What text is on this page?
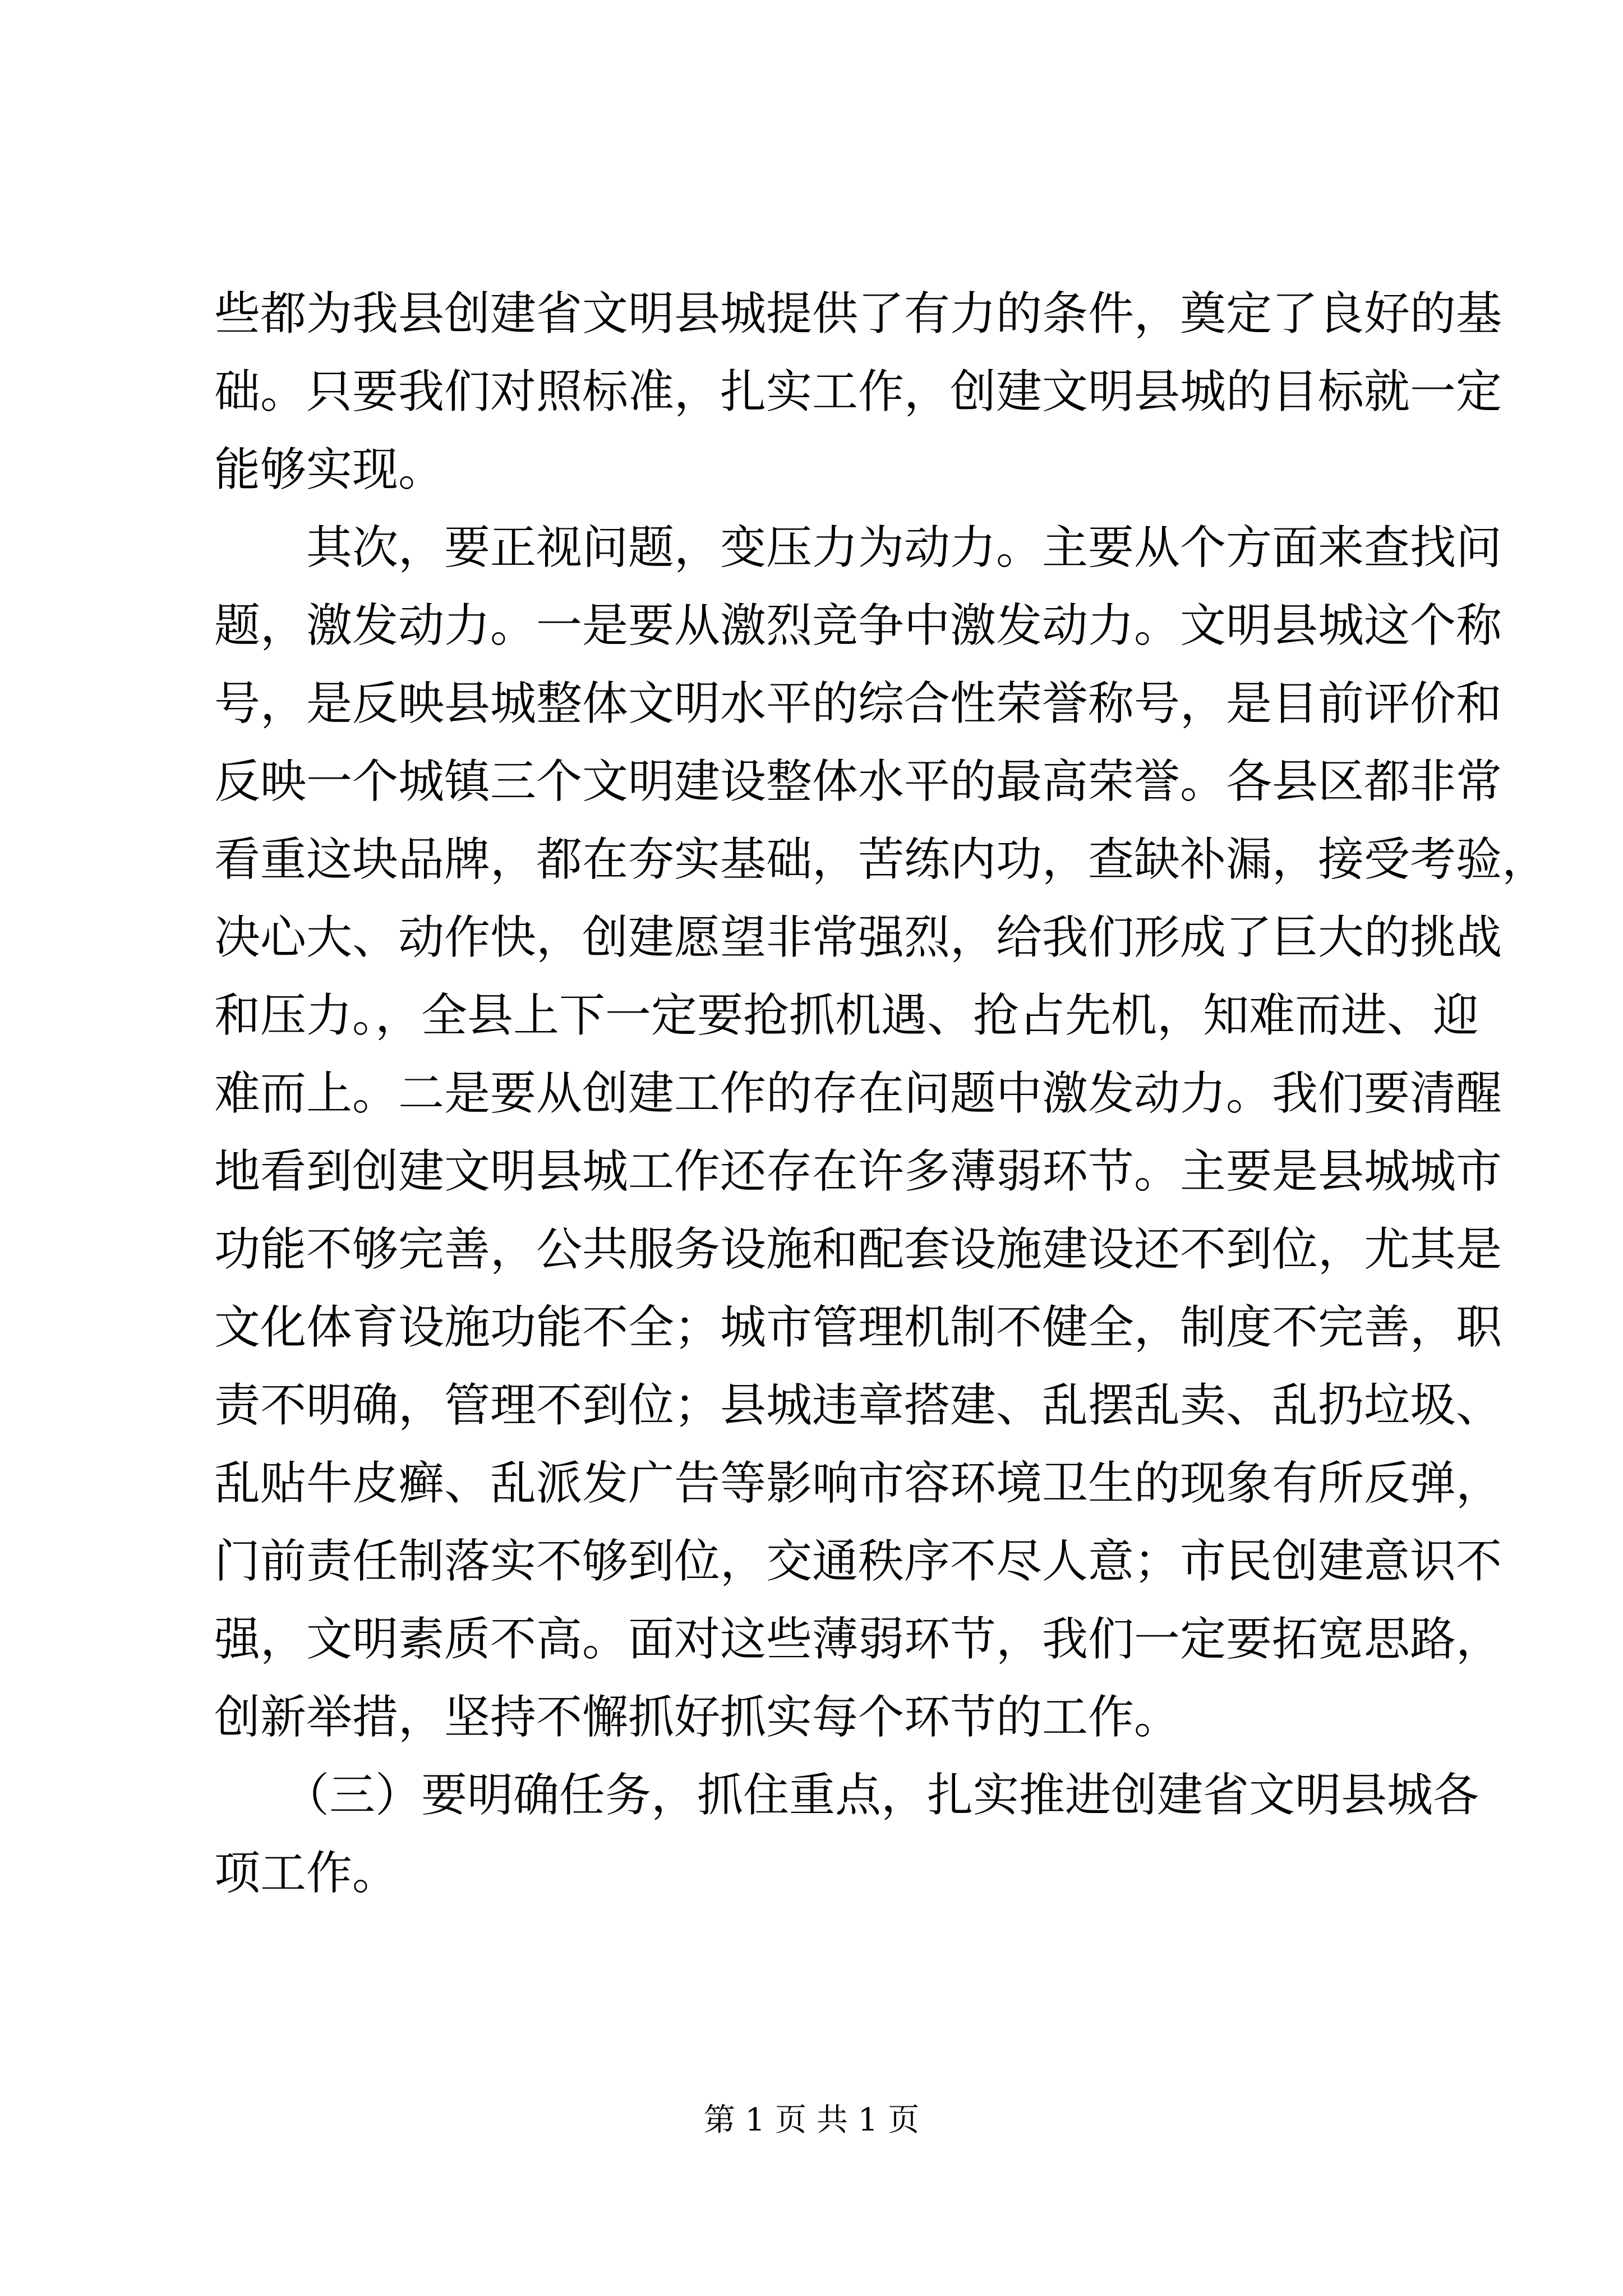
些都为我县创建省文明县城提供了有力的条件，奠定了良好的基
础。只要我们对照标准，扎实工作，创建文明县城的目标就一定
能够实现。
　　其次，要正视问题，变压力为动力。主要从个方面来查找问
题，激发动力。一是要从激烈竞争中激发动力。文明县城这个称
号，是反映县城整体文明水平的综合性荣誉称号，是目前评价和
反映一个城镇三个文明建设整体水平的最高荣誉。各县区都非常
看重这块品牌，都在夯实基础，苦练内功，查缺补漏，接受考验，
决心大、动作快，创建愿望非常强烈，给我们形成了巨大的挑战
和压力。，全县上下一定要抢抓机遇、抢占先机，知难而进、迎
难而上。二是要从创建工作的存在问题中激发动力。我们要清醒
地看到创建文明县城工作还存在许多薄弱环节。主要是县城城市
功能不够完善，公共服务设施和配套设施建设还不到位，尤其是
文化体育设施功能不全；城市管理机制不健全，制度不完善，职
责不明确，管理不到位；县城违章搭建、乱摆乱卖、乱扔垃圾、
乱贴牛皮癣、乱派发广告等影响市容环境卫生的现象有所反弹，
门前责任制落实不够到位，交通秩序不尽人意；市民创建意识不
强，文明素质不高。面对这些薄弱环节，我们一定要拓宽思路，
创新举措，坚持不懈抓好抓实每个环节的工作。
　　（三）要明确任务，抓住重点，扎实推进创建省文明县城各
项工作。
第 1 页 共 1 页
